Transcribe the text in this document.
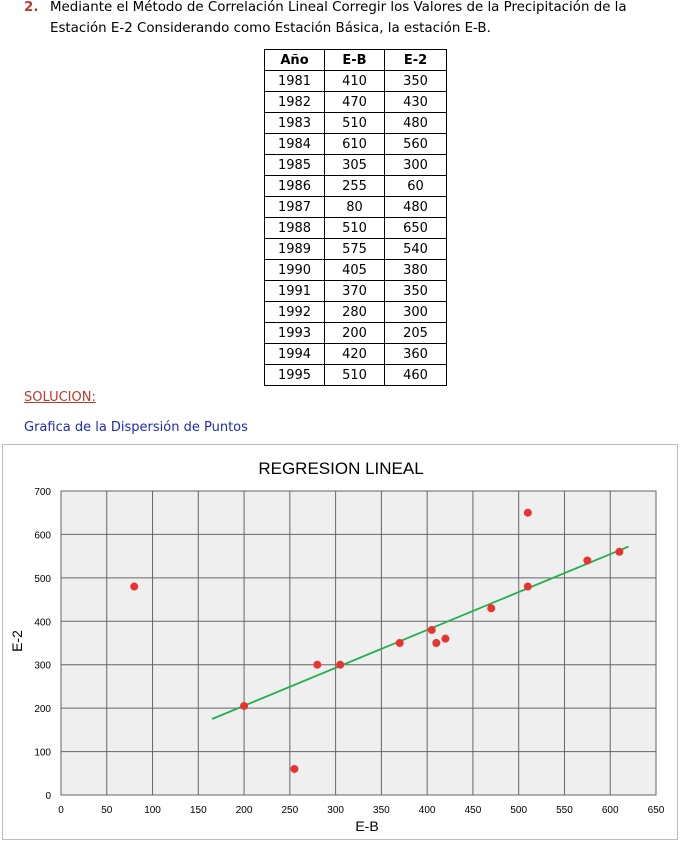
2. Mediante el Método de Correlación Lineal Corregir los Valores de la Precipitación de la
Estación E-2 Considerando como Estación Básica, la estación E-B.
Año	E-B	E-2
1981	410	350
1982	470	430
1983	510	480
1984	610	560
1985	305	300
1986	255	60
1987	80	480
1988	510	650
1989	575	540
1990	405	380
1991	370	350
1992	280	300
1993	200	205
1994	420	360
1995	510	460
SOLUCION:
Grafica de la Dispersión de Puntos
0	50	100	150	200	250	300	350	400	450	500	550	600	650
0
100
200
300
400
500
600
700
REGRESION LINEAL
E-B
E-2
